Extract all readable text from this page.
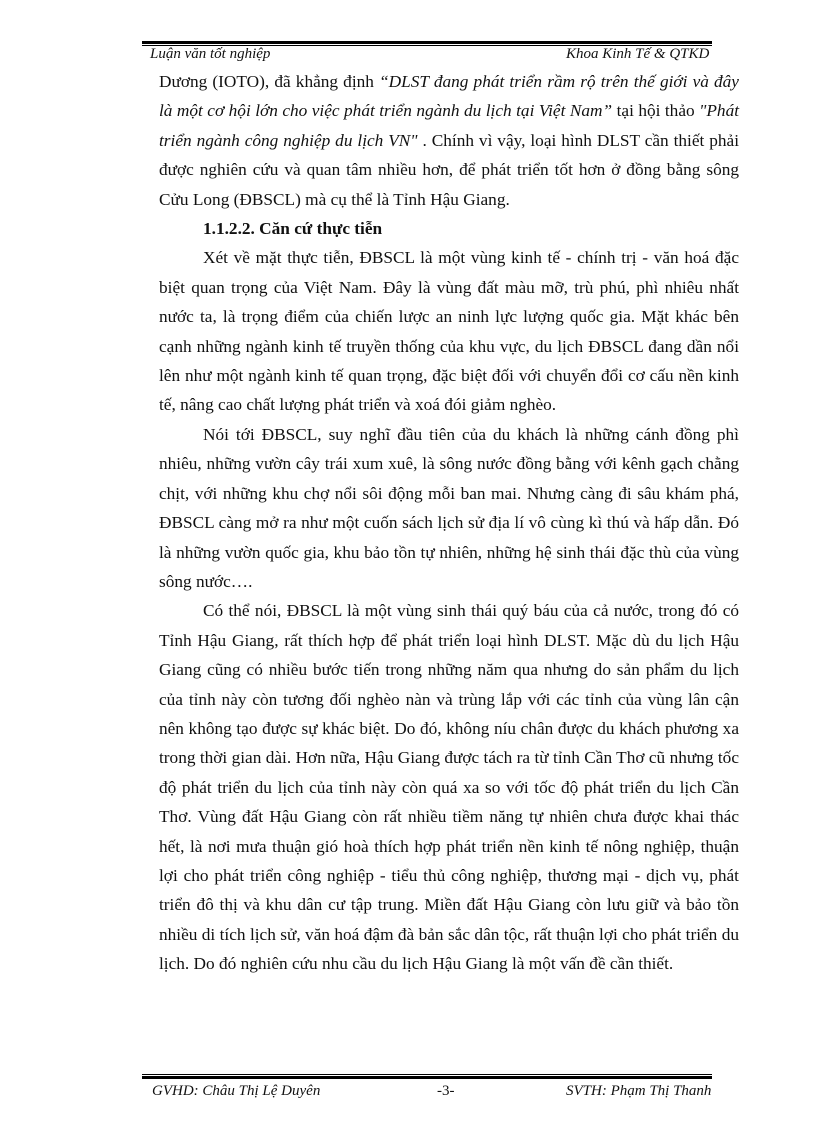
Luận văn tốt nghiệp	Khoa Kinh Tế & QTKD

Dương (IOTO), đã khẳng định “DLST đang phát triển rầm rộ trên thế giới và đây là một cơ hội lớn cho việc phát triển ngành du lịch tại Việt Nam” tại hội thảo "Phát triển ngành công nghiệp du lịch VN" . Chính vì vậy, loại hình DLST cần thiết phải được nghiên cứu và quan tâm nhiều hơn, để phát triển tốt hơn ở đồng bằng sông Cửu Long (ĐBSCL) mà cụ thể là Tỉnh Hậu Giang.

1.1.2.2. Căn cứ thực tiễn

Xét về mặt thực tiễn, ĐBSCL là một vùng kinh tế - chính trị - văn hoá đặc biệt quan trọng của Việt Nam. Đây là vùng đất màu mỡ, trù phú, phì nhiêu nhất nước ta, là trọng điểm của chiến lược an ninh lực lượng quốc gia. Mặt khác bên cạnh những ngành kinh tế truyền thống của khu vực, du lịch ĐBSCL đang dần nổi lên như một ngành kinh tế quan trọng, đặc biệt đối với chuyển đổi cơ cấu nền kinh tế, nâng cao chất lượng phát triển và xoá đói giảm nghèo.

Nói tới ĐBSCL, suy nghĩ đầu tiên của du khách là những cánh đồng phì nhiêu, những vườn cây trái xum xuê, là sông nước đồng bằng với kênh gạch chằng chịt, với những khu chợ nổi sôi động mỗi ban mai. Nhưng càng đi sâu khám phá, ĐBSCL càng mở ra như một cuốn sách lịch sử địa lí vô cùng kì thú và hấp dẫn. Đó là những vườn quốc gia, khu bảo tồn tự nhiên, những hệ sinh thái đặc thù của vùng sông nước….

Có thể nói, ĐBSCL là một vùng sinh thái quý báu của cả nước, trong đó có Tỉnh Hậu Giang, rất thích hợp để phát triển loại hình DLST. Mặc dù du lịch Hậu Giang cũng có nhiều bước tiến trong những năm qua nhưng do sản phẩm du lịch của tỉnh này còn tương đối nghèo nàn và trùng lắp với các tỉnh của vùng lân cận nên không tạo được sự khác biệt. Do đó, không níu chân được du khách phương xa trong thời gian dài. Hơn nữa, Hậu Giang được tách ra từ tỉnh Cần Thơ cũ nhưng tốc độ phát triển du lịch của tỉnh này còn quá xa so với tốc độ phát triển du lịch Cần Thơ. Vùng đất Hậu Giang còn rất nhiều tiềm năng tự nhiên chưa được khai thác hết, là nơi mưa thuận gió hoà thích hợp phát triển nền kinh tế nông nghiệp, thuận lợi cho phát triển công nghiệp - tiểu thủ công nghiệp, thương mại - dịch vụ, phát triển đô thị và khu dân cư tập trung. Miền đất Hậu Giang còn lưu giữ và bảo tồn nhiều di tích lịch sử, văn hoá đậm đà bản sắc dân tộc, rất thuận lợi cho phát triển du lịch. Do đó nghiên cứu nhu cầu du lịch Hậu Giang là một vấn đề cần thiết.

GVHD: Châu Thị Lệ Duyên	-3-	SVTH: Phạm Thị Thanh
